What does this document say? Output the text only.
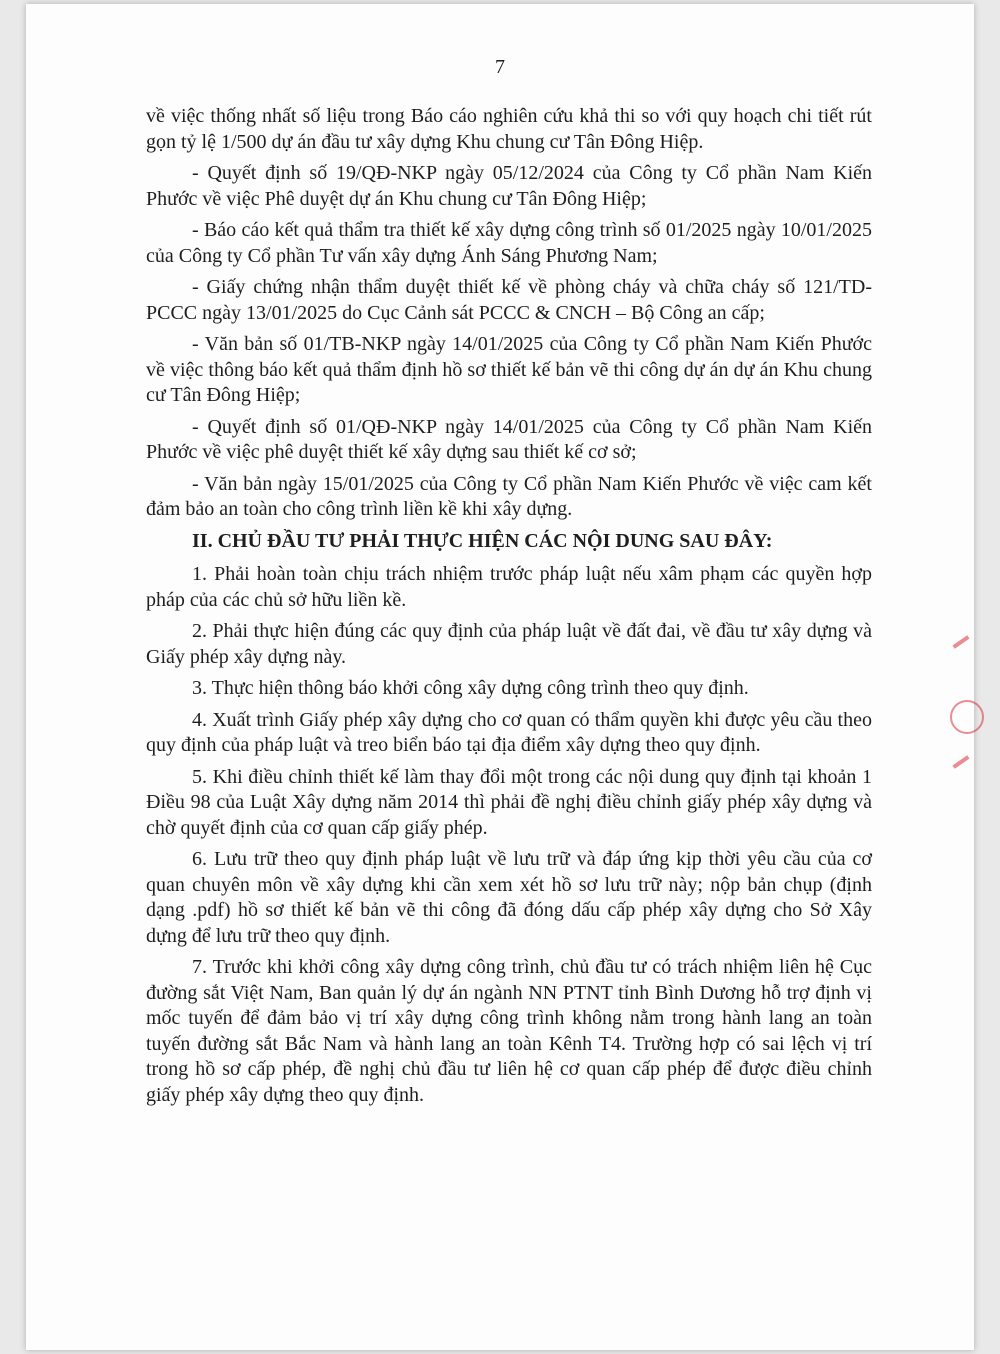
7

về việc thống nhất số liệu trong Báo cáo nghiên cứu khả thi so với quy hoạch chi tiết rút gọn tỷ lệ 1/500 dự án đầu tư xây dựng Khu chung cư Tân Đông Hiệp.

- Quyết định số 19/QĐ-NKP ngày 05/12/2024 của Công ty Cổ phần Nam Kiến Phước về việc Phê duyệt dự án Khu chung cư Tân Đông Hiệp;

- Báo cáo kết quả thẩm tra thiết kế xây dựng công trình số 01/2025 ngày 10/01/2025 của Công ty Cổ phần Tư vấn xây dựng Ánh Sáng Phương Nam;

- Giấy chứng nhận thẩm duyệt thiết kế về phòng cháy và chữa cháy số 121/TD-PCCC ngày 13/01/2025 do Cục Cảnh sát PCCC & CNCH – Bộ Công an cấp;

- Văn bản số 01/TB-NKP ngày 14/01/2025 của Công ty Cổ phần Nam Kiến Phước về việc thông báo kết quả thẩm định hồ sơ thiết kế bản vẽ thi công dự án dự án Khu chung cư Tân Đông Hiệp;

- Quyết định số 01/QĐ-NKP ngày 14/01/2025 của Công ty Cổ phần Nam Kiến Phước về việc phê duyệt thiết kế xây dựng sau thiết kế cơ sở;

- Văn bản ngày 15/01/2025 của Công ty Cổ phần Nam Kiến Phước về việc cam kết đảm bảo an toàn cho công trình liền kề khi xây dựng.

II. CHỦ ĐẦU TƯ PHẢI THỰC HIỆN CÁC NỘI DUNG SAU ĐÂY:

1. Phải hoàn toàn chịu trách nhiệm trước pháp luật nếu xâm phạm các quyền hợp pháp của các chủ sở hữu liền kề.

2. Phải thực hiện đúng các quy định của pháp luật về đất đai, về đầu tư xây dựng và Giấy phép xây dựng này.

3. Thực hiện thông báo khởi công xây dựng công trình theo quy định.

4. Xuất trình Giấy phép xây dựng cho cơ quan có thẩm quyền khi được yêu cầu theo quy định của pháp luật và treo biển báo tại địa điểm xây dựng theo quy định.

5. Khi điều chỉnh thiết kế làm thay đổi một trong các nội dung quy định tại khoản 1 Điều 98 của Luật Xây dựng năm 2014 thì phải đề nghị điều chỉnh giấy phép xây dựng và chờ quyết định của cơ quan cấp giấy phép.

6. Lưu trữ theo quy định pháp luật về lưu trữ và đáp ứng kịp thời yêu cầu của cơ quan chuyên môn về xây dựng khi cần xem xét hồ sơ lưu trữ này; nộp bản chụp (định dạng .pdf) hồ sơ thiết kế bản vẽ thi công đã đóng dấu cấp phép xây dựng cho Sở Xây dựng để lưu trữ theo quy định.

7. Trước khi khởi công xây dựng công trình, chủ đầu tư có trách nhiệm liên hệ Cục đường sắt Việt Nam, Ban quản lý dự án ngành NN PTNT tỉnh Bình Dương hỗ trợ định vị mốc tuyến để đảm bảo vị trí xây dựng công trình không nằm trong hành lang an toàn tuyến đường sắt Bắc Nam và hành lang an toàn Kênh T4. Trường hợp có sai lệch vị trí trong hồ sơ cấp phép, đề nghị chủ đầu tư liên hệ cơ quan cấp phép để được điều chỉnh giấy phép xây dựng theo quy định.
